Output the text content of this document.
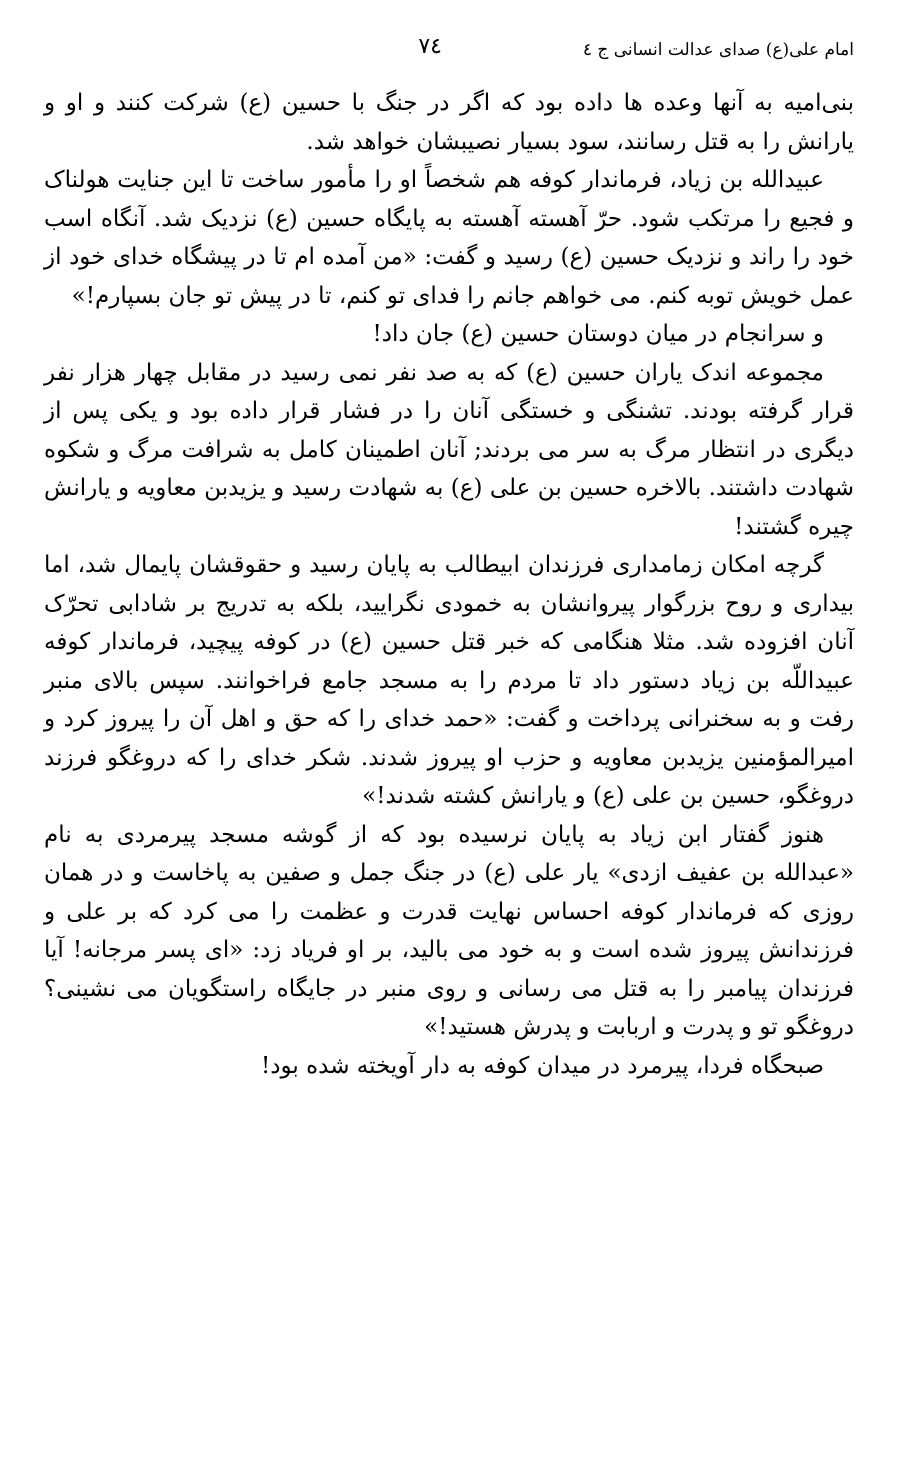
امام علی(ع) صدای عدالت انسانی ج ٤
٧٤

بنی‌امیه به آنها وعده ها داده بود که اگر در جنگ با حسین (ع) شرکت کنند و او و یارانش را به قتل رسانند، سود بسیار نصیبشان خواهد شد.

عبیدالله بن زیاد، فرماندار کوفه هم شخصاً او را مأمور ساخت تا این جنایت هولناک و فجیع را مرتکب شود. حرّ آهسته آهسته به پایگاه حسین (ع) نزدیک شد. آنگاه اسب خود را راند و نزدیک حسین (ع) رسید و گفت: «من آمده ام تا در پیشگاه خدای خود از عمل خویش توبه کنم. می خواهم جانم را فدای تو کنم، تا در پیش تو جان بسپارم!»

و سرانجام در میان دوستان حسین (ع) جان داد!

مجموعه اندک یاران حسین (ع) که به صد نفر نمی رسید در مقابل چهار هزار نفر قرار گرفته بودند. تشنگی و خستگی آنان را در فشار قرار داده بود و یکی پس از دیگری در انتظار مرگ به سر می بردند; آنان اطمینان کامل به شرافت مرگ و شکوه شهادت داشتند. بالاخره حسین بن علی (ع) به شهادت رسید و یزیدبن معاویه و یارانش چیره گشتند!

گرچه امکان زمامداری فرزندان ابیطالب به پایان رسید و حقوقشان پایمال شد، اما بیداری و روح بزرگوار پیروانشان به خمودی نگرایید، بلکه به تدریج بر شادابی تحرّک آنان افزوده شد. مثلا هنگامی که خبر قتل حسین (ع) در کوفه پیچید، فرماندار کوفه عبیداللّه بن زیاد دستور داد تا مردم را به مسجد جامع فراخوانند. سپس بالای منبر رفت و به سخنرانی پرداخت و گفت: «حمد خدای را که حق و اهل آن را پیروز کرد و امیرالمؤمنین یزیدبن معاویه و حزب او پیروز شدند. شکر خدای را که دروغگو فرزند دروغگو، حسین بن علی (ع) و یارانش کشته شدند!»

هنوز گفتار ابن زیاد به پایان نرسیده بود که از گوشه مسجد پیرمردی به نام «عبدالله بن عفیف ازدی» یار علی (ع) در جنگ جمل و صفین به پاخاست و در همان روزی که فرماندار کوفه احساس نهایت قدرت و عظمت را می کرد که بر علی و فرزندانش پیروز شده است و به خود می بالید، بر او فریاد زد: «ای پسر مرجانه! آیا فرزندان پیامبر را به قتل می رسانی و روی منبر در جایگاه راستگویان می نشینی؟ دروغگو تو و پدرت و اربابت و پدرش هستید!»

صبحگاه فردا، پیرمرد در میدان کوفه به دار آویخته شده بود!
